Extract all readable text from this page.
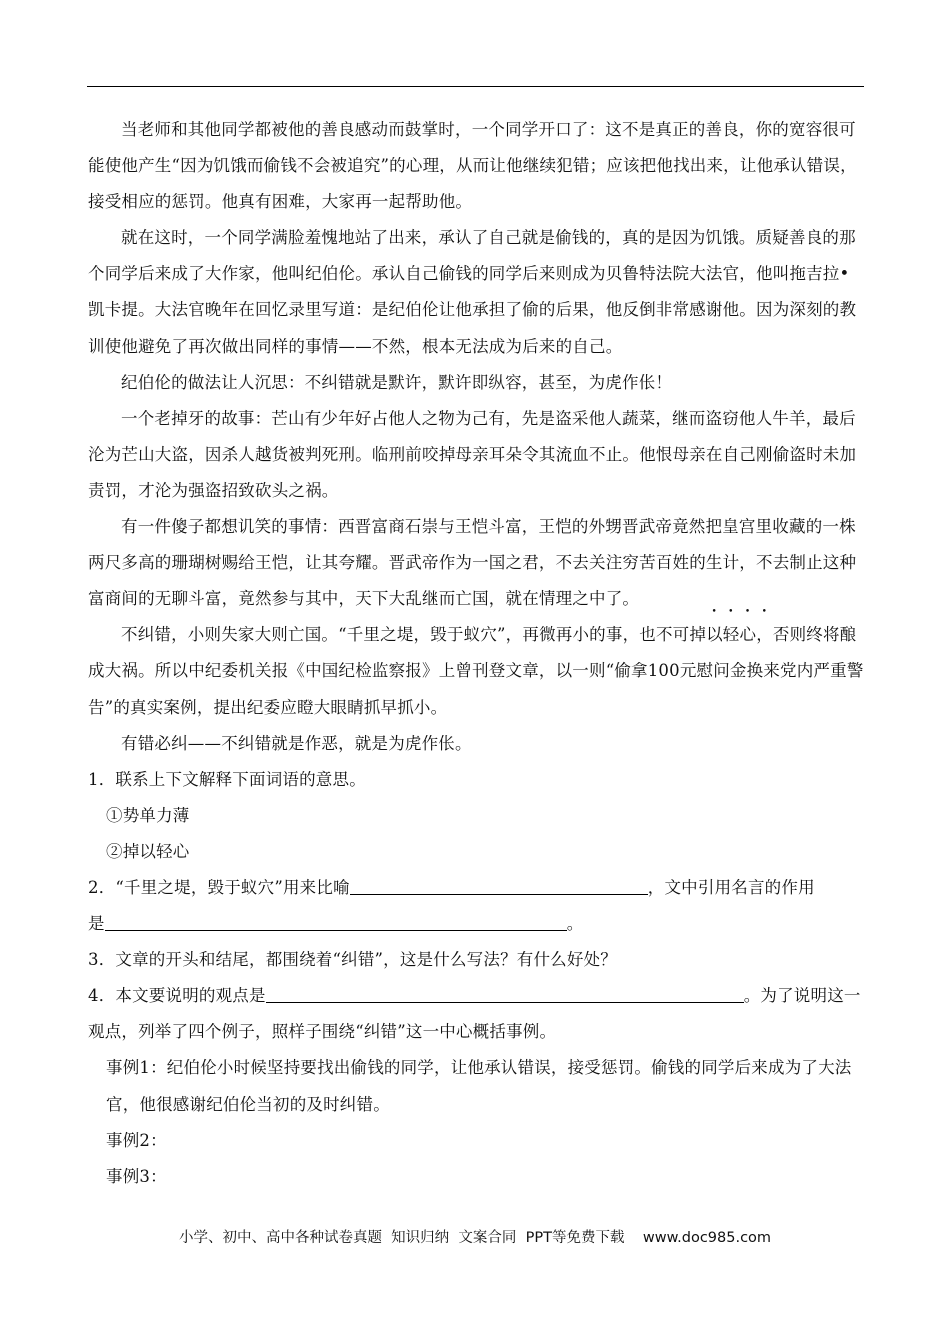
当老师和其他同学都被他的善良感动而鼓掌时，一个同学开口了：这不是真正的善良，你的宽容很可能使他产生“因为饥饿而偷钱不会被追究”的心理，从而让他继续犯错；应该把他找出来，让他承认错误，接受相应的惩罚。他真有困难，大家再一起帮助他。

就在这时，一个同学满脸羞愧地站了出来，承认了自己就是偷钱的，真的是因为饥饿。质疑善良的那个同学后来成了大作家，他叫纪伯伦。承认自己偷钱的同学后来则成为贝鲁特法院大法官，他叫拖吉拉•凯卡提。大法官晚年在回忆录里写道：是纪伯伦让他承担了偷的后果，他反倒非常感谢他。因为深刻的教训使他避免了再次做出同样的事情——不然，根本无法成为后来的自己。

纪伯伦的做法让人沉思：不纠错就是默许，默许即纵容，甚至，为虎作伥！

一个老掉牙的故事：芒山有少年好占他人之物为己有，先是盗采他人蔬菜，继而盗窃他人牛羊，最后沦为芒山大盗，因杀人越货被判死刑。临刑前咬掉母亲耳朵令其流血不止。他恨母亲在自己刚偷盗时未加责罚，才沦为强盗招致砍头之祸。

有一件傻子都想讥笑的事情：西晋富商石崇与王恺斗富，王恺的外甥晋武帝竟然把皇宫里收藏的一株两尺多高的珊瑚树赐给王恺，让其夸耀。晋武帝作为一国之君，不去关注穷苦百姓的生计，不去制止这种富商间的无聊斗富，竟然参与其中，天下大乱继而亡国，就在情理之中了。

不纠错，小则失家大则亡国。“千里之堤，毁于蚁穴”，再微再小的事，也不可掉以轻心，否则终将酿成大祸。所以中纪委机关报《中国纪检监察报》上曾刊登文章，以一则“偷拿100元慰问金换来党内严重警告”的真实案例，提出纪委应瞪大眼睛抓早抓小。

有错必纠——不纠错就是作恶，就是为虎作伥。

1．联系上下文解释下面词语的意思。

①势单力薄

②掉以轻心

2．“千里之堤，毁于蚁穴”用来比喻	，文中引用名言的作用
是	。

3．文章的开头和结尾，都围绕着“纠错”，这是什么写法？有什么好处？

4．本文要说明的观点是	。为了说明这一观点，列举了四个例子，照样子围绕“纠错”这一中心概括事例。

事例1：纪伯伦小时候坚持要找出偷钱的同学，让他承认错误，接受惩罚。偷钱的同学后来成为了大法官，他很感谢纪伯伦当初的及时纠错。

事例2：

事例3：

小学、初中、高中各种试卷真题  知识归纳  文案合同  PPT等免费下载    www.doc985.com
